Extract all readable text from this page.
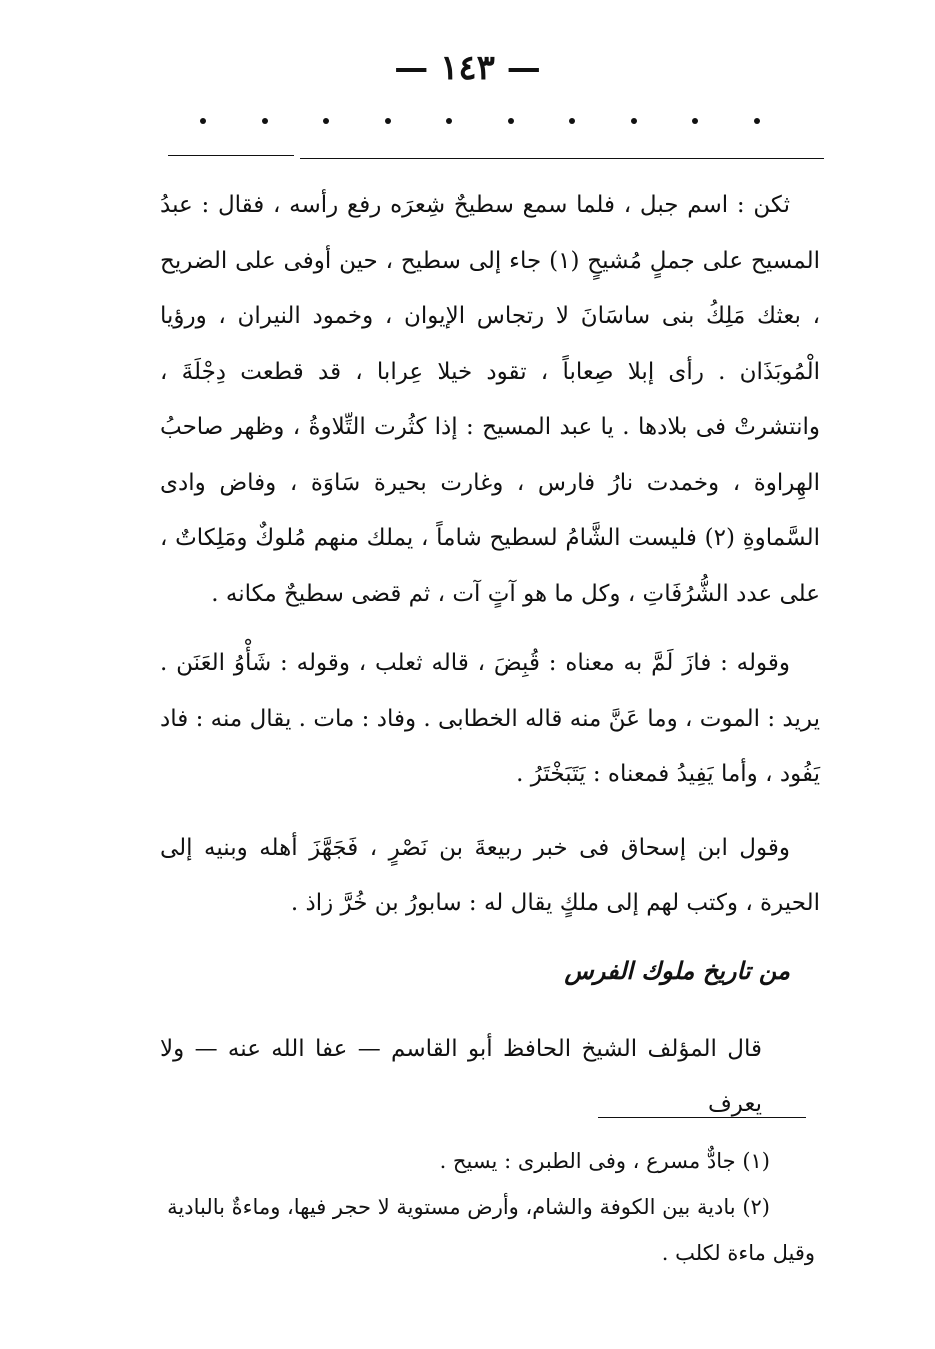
— ١٤٣ —

ثكن : اسم جبل ، فلما سمع سطيحٌ شِعرَه رفع رأسه ، فقال : عبدُ المسيح على جملٍ مُشيحٍ (١) جاء إلى سطيح ، حين أوفى على الضريح ، بعثك مَلِكُ بنى ساسَانَ لا رتجاس الإيوان ، وخمود النيران ، ورؤيا الْمُوبَذَان . رأى إبلا صِعاباً ، تقود خيلا عِرابا ، قد قطعت دِجْلَةَ ، وانتشرتْ فى بلادها . يا عبد المسيح : إذا كثُرت التِّلاوةُ ، وظهر صاحبُ الهِراوة ، وخمدت نارُ فارس ، وغارت بحيرة سَاوَة ، وفاض وادى السَّماوةِ (٢) فليست الشَّامُ لسطيح شاماً ، يملك منهم مُلوكٌ ومَلِكاتٌ ، على عدد الشُّرُفَاتِ ، وكل ما هو آتٍ آت ، ثم قضى سطيحٌ مكانه .

وقوله : فازَ لَمَّ به معناه : قُبِضَ ، قاله ثعلب ، وقوله : شَأْوُ العَنَن . يريد : الموت ، وما عَنَّ منه قاله الخطابى . وفاد : مات . يقال منه : فاد يَفُود ، وأما يَفِيدُ فمعناه : يَتَبَخْتَرُ .

وقول ابن إسحاق فى خبر ربيعةَ بن نَصْرٍ ، فَجَهَّزَ أهله وبنيه إلى الحيرة ، وكتب لهم إلى ملكٍ يقال له : سابورُ بن خُرَّ زاذ .

من تاريخ ملوك الفرس
قال المؤلف الشيخ الحافظ أبو القاسم — عفا الله عنه — ولا يعرف

(١) جادٌّ مسرع ، وفى الطبرى : يسيح .

(٢) بادية بين الكوفة والشام، وأرض مستوية لا حجر فيها، وماءةٌ بالبادية

وقيل ماءة لكلب .
